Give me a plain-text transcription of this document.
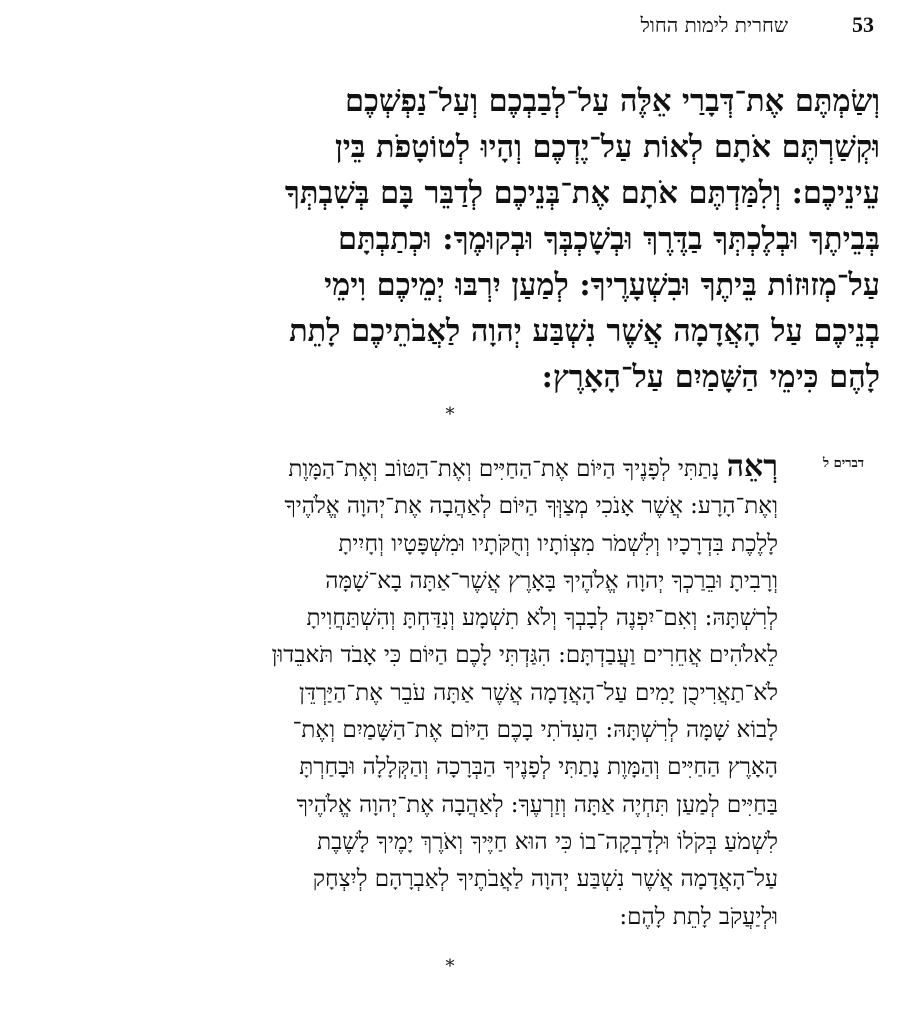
53
שחרית לימות החול
וְשַׂמְתֶּם אֶת־דְּבָרַי אֵלֶּה עַל־לְבַבְכֶם וְעַל־נַפְשְׁכֶם
וּקְשַׁרְתֶּם אֹתָם לְאוֹת עַל־יֶדְכֶם וְהָיוּ לְטוֹטָפֹת בֵּין
עֵינֵיכֶם: וְלִמַּדְתֶּם אֹתָם אֶת־בְּנֵיכֶם לְדַבֵּר בָּם בְּשִׁבְתְּךָ
בְּבֵיתֶךָ וּבְלֶכְתְּךָ בַדֶּרֶךְ וּבְשָׁכְבְּךָ וּבְקוּמֶךָ: וּכְתַבְתָּם
עַל־מְזוּזוֹת בֵּיתֶךָ וּבִשְׁעָרֶיךָ: לְמַעַן יִרְבּוּ יְמֵיכֶם וִימֵי
בְנֵיכֶם עַל הָאֲדָמָה אֲשֶׁר נִשְׁבַּע יְהוָה לַאֲבֹתֵיכֶם לָתֵת
לָהֶם כִּימֵי הַשָּׁמַיִם עַל־הָאָרֶץ:
*
דברים ל
רְאֵה נָתַתִּי לְפָנֶיךָ הַיּוֹם אֶת־הַחַיִּים וְאֶת־הַטּוֹב וְאֶת־הַמָּוֶת
וְאֶת־הָרָע: אֲשֶׁר אָנֹכִי מְצַוְּךָ הַיּוֹם לְאַהֲבָה אֶת־יְהוָה אֱלֹהֶיךָ
לָלֶכֶת בִּדְרָכָיו וְלִשְׁמֹר מִצְוֹתָיו וְחֻקֹּתָיו וּמִשְׁפָּטָיו וְחָיִיתָ
וְרָבִיתָ וּבֵרַכְךָ יְהוָה אֱלֹהֶיךָ בָּאָרֶץ אֲשֶׁר־אַתָּה בָא־שָׁמָּה
לְרִשְׁתָּהּ: וְאִם־יִפְנֶה לְבָבְךָ וְלֹא תִשְׁמָע וְנִדַּחְתָּ וְהִשְׁתַּחֲוִיתָ
לֵאלֹהִים אֲחֵרִים וַעֲבַדְתָּם: הִגַּדְתִּי לָכֶם הַיּוֹם כִּי אָבֹד תֹּאבֵדוּן
לֹא־תַאֲרִיכֻן יָמִים עַל־הָאֲדָמָה אֲשֶׁר אַתָּה עֹבֵר אֶת־הַיַּרְדֵּן
לָבוֹא שָׁמָּה לְרִשְׁתָּהּ: הַעִדֹתִי בָכֶם הַיּוֹם אֶת־הַשָּׁמַיִם וְאֶת־
הָאָרֶץ הַחַיִּים וְהַמָּוֶת נָתַתִּי לְפָנֶיךָ הַבְּרָכָה וְהַקְּלָלָה וּבָחַרְתָּ
בַּחַיִּים לְמַעַן תִּחְיֶה אַתָּה וְזַרְעֶךָ: לְאַהֲבָה אֶת־יְהוָה אֱלֹהֶיךָ
לִשְׁמֹעַ בְּקֹלוֹ וּלְדָבְקָה־בוֹ כִּי הוּא חַיֶּיךָ וְאֹרֶךְ יָמֶיךָ לָשֶׁבֶת
עַל־הָאֲדָמָה אֲשֶׁר נִשְׁבַּע יְהוָה לַאֲבֹתֶיךָ לְאַבְרָהָם לְיִצְחָק
וּלְיַעֲקֹב לָתֵת לָהֶם:
*
